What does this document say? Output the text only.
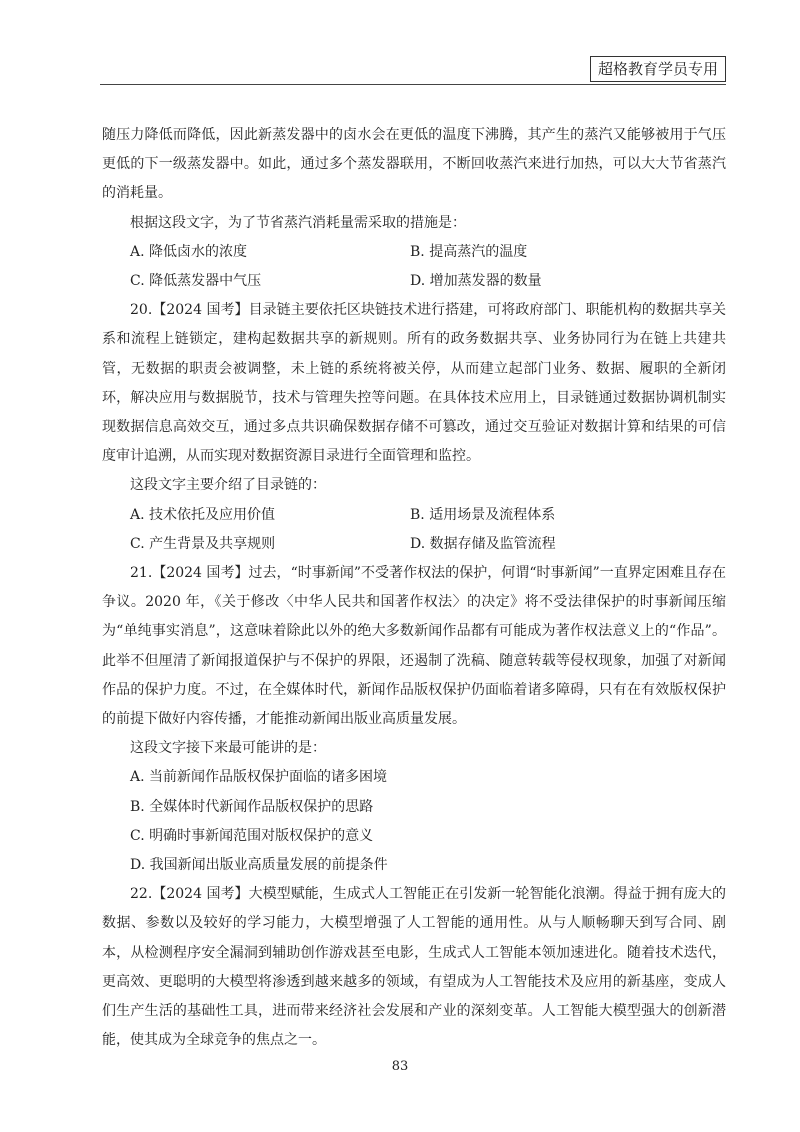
超格教育学员专用

随压力降低而降低，因此新蒸发器中的卤水会在更低的温度下沸腾，其产生的蒸汽又能够被用于气压更低的下一级蒸发器中。如此，通过多个蒸发器联用，不断回收蒸汽来进行加热，可以大大节省蒸汽的消耗量。

根据这段文字，为了节省蒸汽消耗量需采取的措施是：

A. 降低卤水的浓度	B. 提高蒸汽的温度
C. 降低蒸发器中气压	D. 增加蒸发器的数量

20.【2024 国考】目录链主要依托区块链技术进行搭建，可将政府部门、职能机构的数据共享关系和流程上链锁定，建构起数据共享的新规则。所有的政务数据共享、业务协同行为在链上共建共管，无数据的职责会被调整，未上链的系统将被关停，从而建立起部门业务、数据、履职的全新闭环，解决应用与数据脱节，技术与管理失控等问题。在具体技术应用上，目录链通过数据协调机制实现数据信息高效交互，通过多点共识确保数据存储不可篡改，通过交互验证对数据计算和结果的可信度审计追溯，从而实现对数据资源目录进行全面管理和监控。

这段文字主要介绍了目录链的：

A. 技术依托及应用价值	B. 适用场景及流程体系
C. 产生背景及共享规则	D. 数据存储及监管流程

21.【2024 国考】过去，“时事新闻”不受著作权法的保护，何谓“时事新闻”一直界定困难且存在争议。2020 年，《关于修改〈中华人民共和国著作权法〉的决定》将不受法律保护的时事新闻压缩为“单纯事实消息”，这意味着除此以外的绝大多数新闻作品都有可能成为著作权法意义上的“作品”。此举不但厘清了新闻报道保护与不保护的界限，还遏制了洗稿、随意转载等侵权现象，加强了对新闻作品的保护力度。不过，在全媒体时代，新闻作品版权保护仍面临着诸多障碍，只有在有效版权保护的前提下做好内容传播，才能推动新闻出版业高质量发展。

这段文字接下来最可能讲的是：

A. 当前新闻作品版权保护面临的诸多困境

B. 全媒体时代新闻作品版权保护的思路

C. 明确时事新闻范围对版权保护的意义

D. 我国新闻出版业高质量发展的前提条件

22.【2024 国考】大模型赋能，生成式人工智能正在引发新一轮智能化浪潮。得益于拥有庞大的数据、参数以及较好的学习能力，大模型增强了人工智能的通用性。从与人顺畅聊天到写合同、剧本，从检测程序安全漏洞到辅助创作游戏甚至电影，生成式人工智能本领加速进化。随着技术迭代，更高效、更聪明的大模型将渗透到越来越多的领域，有望成为人工智能技术及应用的新基座，变成人们生产生活的基础性工具，进而带来经济社会发展和产业的深刻变革。人工智能大模型强大的创新潜能，使其成为全球竞争的焦点之一。

83
